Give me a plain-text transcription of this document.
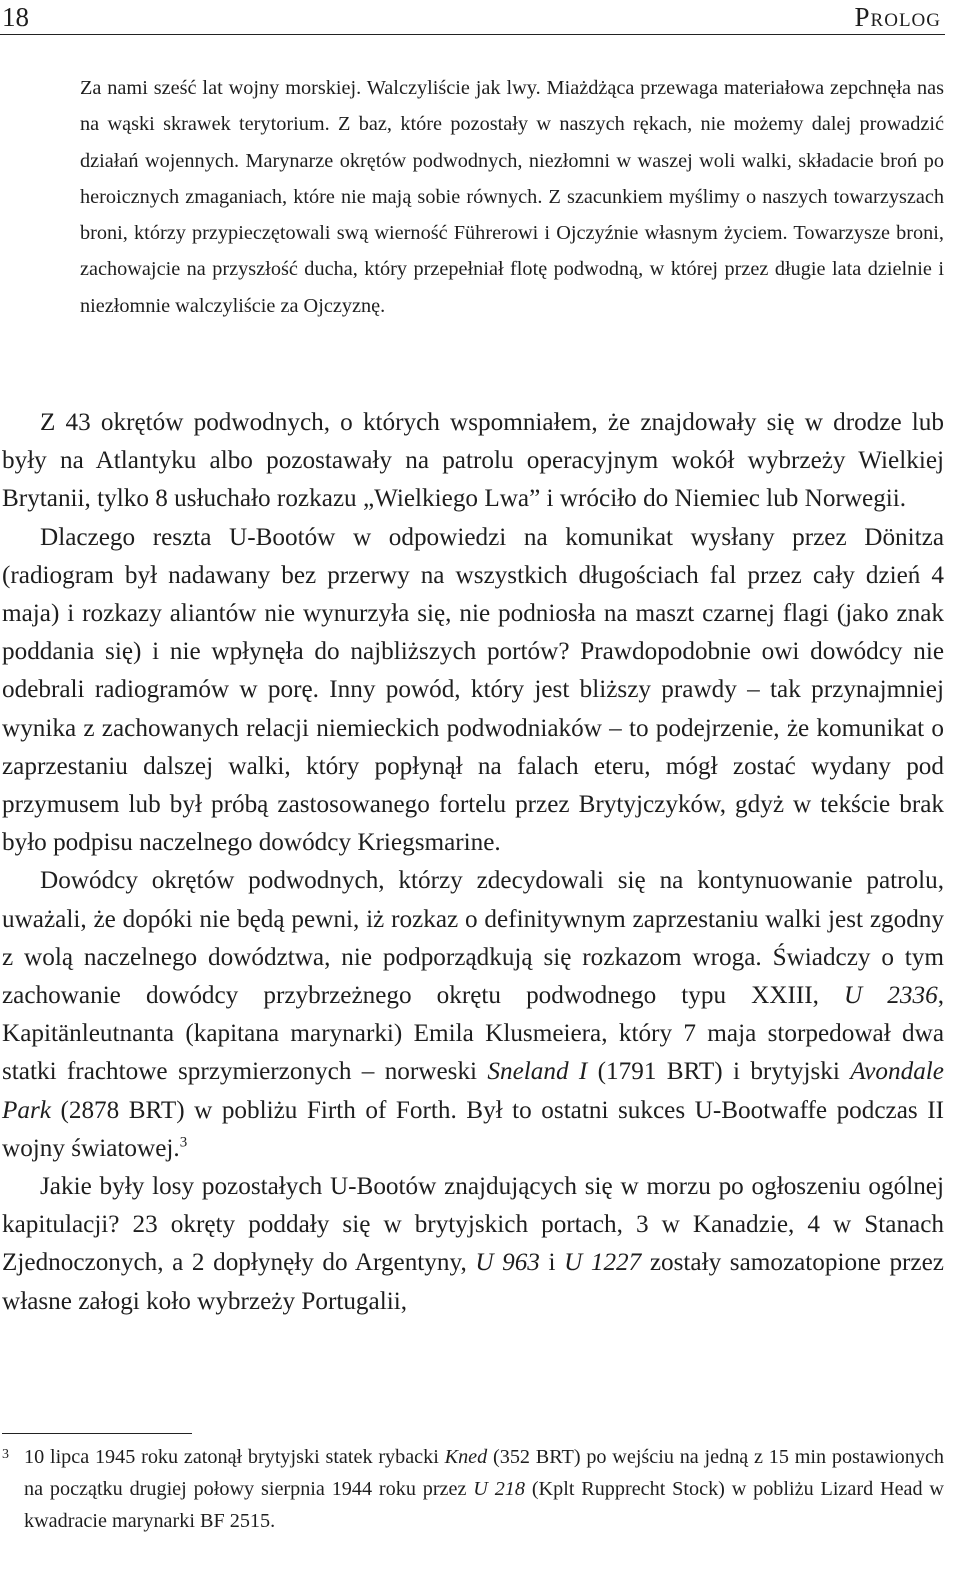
18	Prolog

Za nami sześć lat wojny morskiej. Walczyliście jak lwy. Miażdżąca przewaga materiałowa zepchnęła nas na wąski skrawek terytorium. Z baz, które pozostały w naszych rękach, nie możemy dalej prowadzić działań wojennych. Marynarze okrętów podwodnych, niezłomni w waszej woli walki, składacie broń po heroicznych zmaganiach, które nie mają sobie równych. Z szacunkiem myślimy o naszych towarzyszach broni, którzy przypieczętowali swą wierność Führerowi i Ojczyźnie własnym życiem. Towarzysze broni, zachowajcie na przyszłość ducha, który przepełniał flotę podwodną, w której przez długie lata dzielnie i niezłomnie walczyliście za Ojczyznę.

Z 43 okrętów podwodnych, o których wspomniałem, że znajdowały się w drodze lub były na Atlantyku albo pozostawały na patrolu operacyjnym wokół wybrzeży Wielkiej Brytanii, tylko 8 usłuchało rozkazu „Wielkiego Lwa” i wróciło do Niemiec lub Norwegii.

Dlaczego reszta U-Bootów w odpowiedzi na komunikat wysłany przez Dönitza (radiogram był nadawany bez przerwy na wszystkich długościach fal przez cały dzień 4 maja) i rozkazy aliantów nie wynurzyła się, nie podniosła na maszt czarnej flagi (jako znak poddania się) i nie wpłynęła do najbliższych portów? Prawdopodobnie owi dowódcy nie odebrali radiogramów w porę. Inny powód, który jest bliższy prawdy – tak przynajmniej wynika z zachowanych relacji niemieckich podwodniaków – to podejrzenie, że komunikat o zaprzestaniu dalszej walki, który popłynął na falach eteru, mógł zostać wydany pod przymusem lub był próbą zastosowanego fortelu przez Brytyjczyków, gdyż w tekście brak było podpisu naczelnego dowódcy Kriegsmarine.

Dowódcy okrętów podwodnych, którzy zdecydowali się na kontynuowanie patrolu, uważali, że dopóki nie będą pewni, iż rozkaz o definitywnym zaprzestaniu walki jest zgodny z wolą naczelnego dowództwa, nie podporządkują się rozkazom wroga. Świadczy o tym zachowanie dowódcy przybrzeżnego okrętu podwodnego typu XXIII, U 2336, Kapitänleutnanta (kapitana marynarki) Emila Klusmeiera, który 7 maja storpedował dwa statki frachtowe sprzymierzonych – norweski Sneland I (1791 BRT) i brytyjski Avondale Park (2878 BRT) w pobliżu Firth of Forth. Był to ostatni sukces U-Bootwaffe podczas II wojny światowej.$^3$

Jakie były losy pozostałych U-Bootów znajdujących się w morzu po ogłoszeniu ogólnej kapitulacji? 23 okręty poddały się w brytyjskich portach, 3 w Kanadzie, 4 w Stanach Zjednoczonych, a 2 dopłynęły do Argentyny, U 963 i U 1227 zostały samozatopione przez własne załogi koło wybrzeży Portugalii,

3 10 lipca 1945 roku zatonął brytyjski statek rybacki Kned (352 BRT) po wejściu na jedną z 15 min postawionych na początku drugiej połowy sierpnia 1944 roku przez U 218 (Kplt Rupprecht Stock) w pobliżu Lizard Head w kwadracie marynarki BF 2515.
